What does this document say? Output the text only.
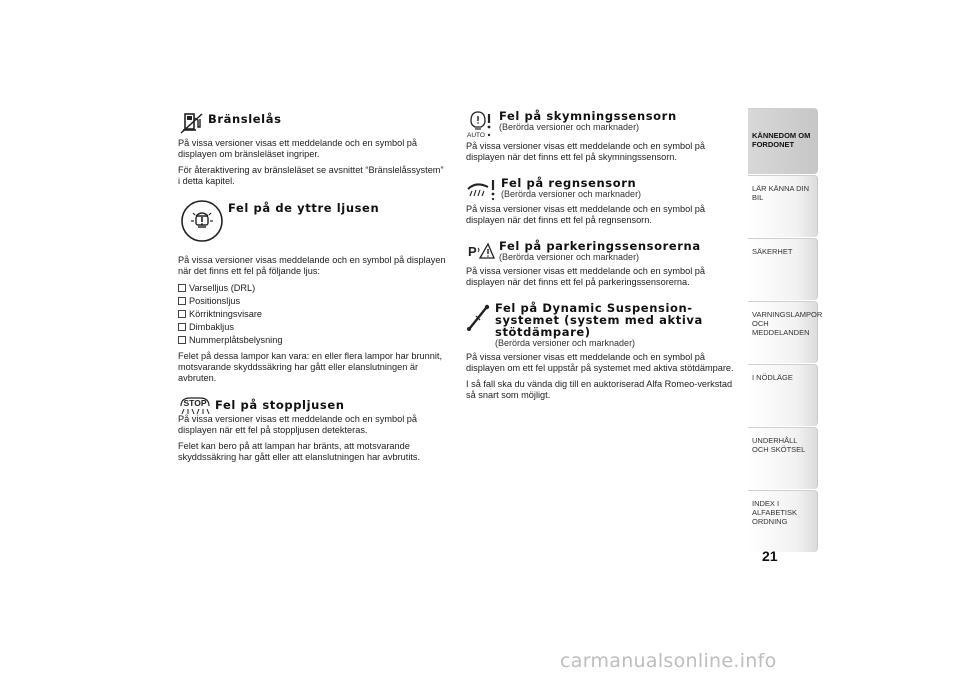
Bränslelås

På vissa versioner visas ett meddelande och en symbol på displayen om bränsleläset ingriper.

För återaktivering av bränsleläset se avsnittet “Bränslelåssystem” i detta kapitel.

Fel på de yttre ljusen

På vissa versioner visas meddelande och en symbol på displayen när det finns ett fel på följande ljus:

Varselljus (DRL)
Positionsljus
Körriktningsvisare
Dimbakljus
Nummerplåtsbelysning

Felet på dessa lampor kan vara: en eller flera lampor har brunnit, motsvarande skyddssäkring har gått eller elanslutningen är avbruten.

STOP Fel på stoppljusen

På vissa versioner visas ett meddelande och en symbol på displayen när ett fel på stoppljusen detekteras.

Felet kan bero på att lampan har bränts, att motsvarande skyddssäkring har gått eller att elanslutningen har avbrutits.

AUTO
Fel på skymningssensorn
(Berörda versioner och marknader)

På vissa versioner visas ett meddelande och en symbol på displayen när det finns ett fel på skymningssensorn.

Fel på regnsensorn
(Berörda versioner och marknader)

På vissa versioner visas ett meddelande och en symbol på displayen när det finns ett fel på regnsensorn.

P Fel på parkeringssensorerna
(Berörda versioner och marknader)

På vissa versioner visas ett meddelande och en symbol på displayen när det finns ett fel på parkeringssensorerna.

Fel på Dynamic Suspension-systemet (system med aktiva stötdämpare)
(Berörda versioner och marknader)

På vissa versioner visas ett meddelande och en symbol på displayen om ett fel uppstår på systemet med aktiva stötdämpare.

I så fall ska du vända dig till en auktoriserad Alfa Romeo-verkstad så snart som möjligt.

KÄNNEDOM OM FORDONET
LÄR KÄNNA DIN BIL
SÄKERHET
VARNINGSLAMPOR OCH MEDDELANDEN
I NÖDLÄGE
UNDERHÅLL OCH SKÖTSEL
INDEX I ALFABETISK ORDNING
21
carmanualsonline.info
